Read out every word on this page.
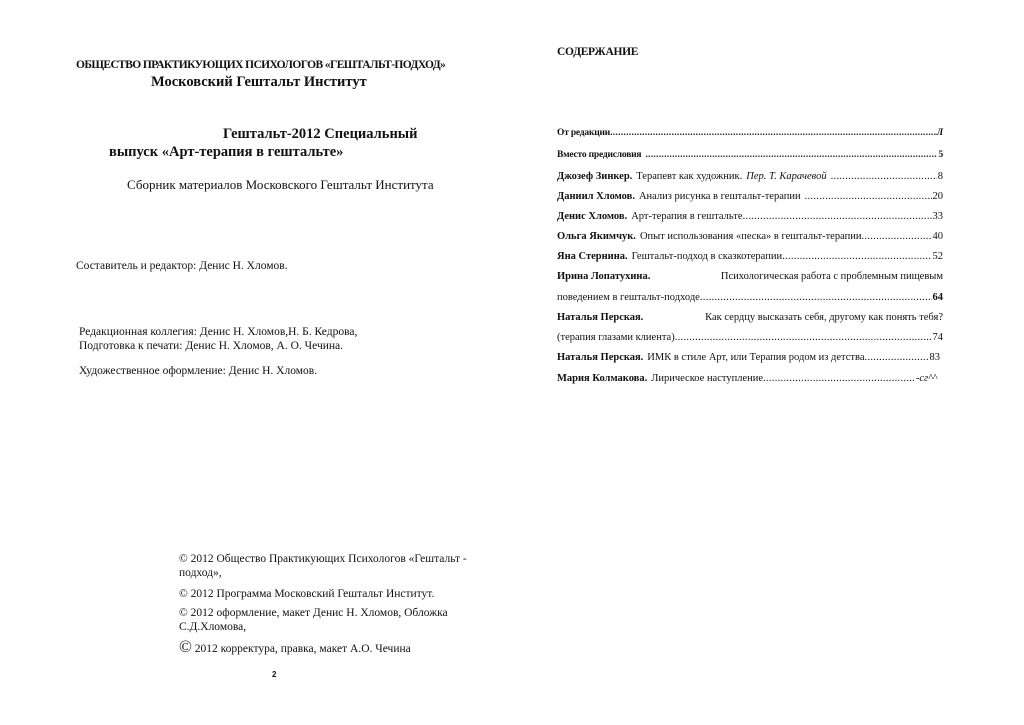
ОБЩЕСТВО ПРАКТИКУЮЩИХ ПСИХОЛОГОВ «ГЕШТАЛЬТ-ПОДХОД»
Московский Гештальт Институт
Гештальт-2012 Специальный
выпуск «Арт-терапия в гештальте»
Сборник материалов Московского Гештальт Института
Составитель и редактор: Денис Н. Хломов.
Редакционная коллегия: Денис Н. Хломов,Н. Б. Кедрова,
Подготовка к печати: Денис Н. Хломов, А. О. Чечина.
Художественное оформление: Денис Н. Хломов.
© 2012 Общество Практикующих Психологов «Гештальт -
подход»,
© 2012 Программа Московский Гештальт Институт.
© 2012 оформление, макет Денис Н. Хломов, Обложка
С.Д.Хломова,
© 2012 корректура, правка, макет А.О. Чечина
2
СОДЕРЖАНИЕ
От редакции .....	Л
Вместо предисловия .....	5
Джозеф Зинкер. Терапевт как художник. Пер. Т. Карачевой .....	8
Даниил Хломов. Анализ рисунка в гештальт-терапии .....	20
Денис Хломов. Арт-терапия в гештальте .....	33
Ольга Якимчук. Опыт использования «песка» в гештальт-терапии .....	40
Яна Стернина. Гештальт-подход в сказкотерапии .....	52
Ирина Лопатухина.	Психологическая работа с проблемным пищевым
поведением в гештальт-подходе .....	64
Наталья Перская.	Как сердцу высказать себя, другому как понять тебя?
(терапия глазами клиента) .....	74
Наталья Перская. ИМК в стиле Арт, или Терапия родом из детства .....	83
Мария Колмакова. Лирическое наступление .....	-сг^^
